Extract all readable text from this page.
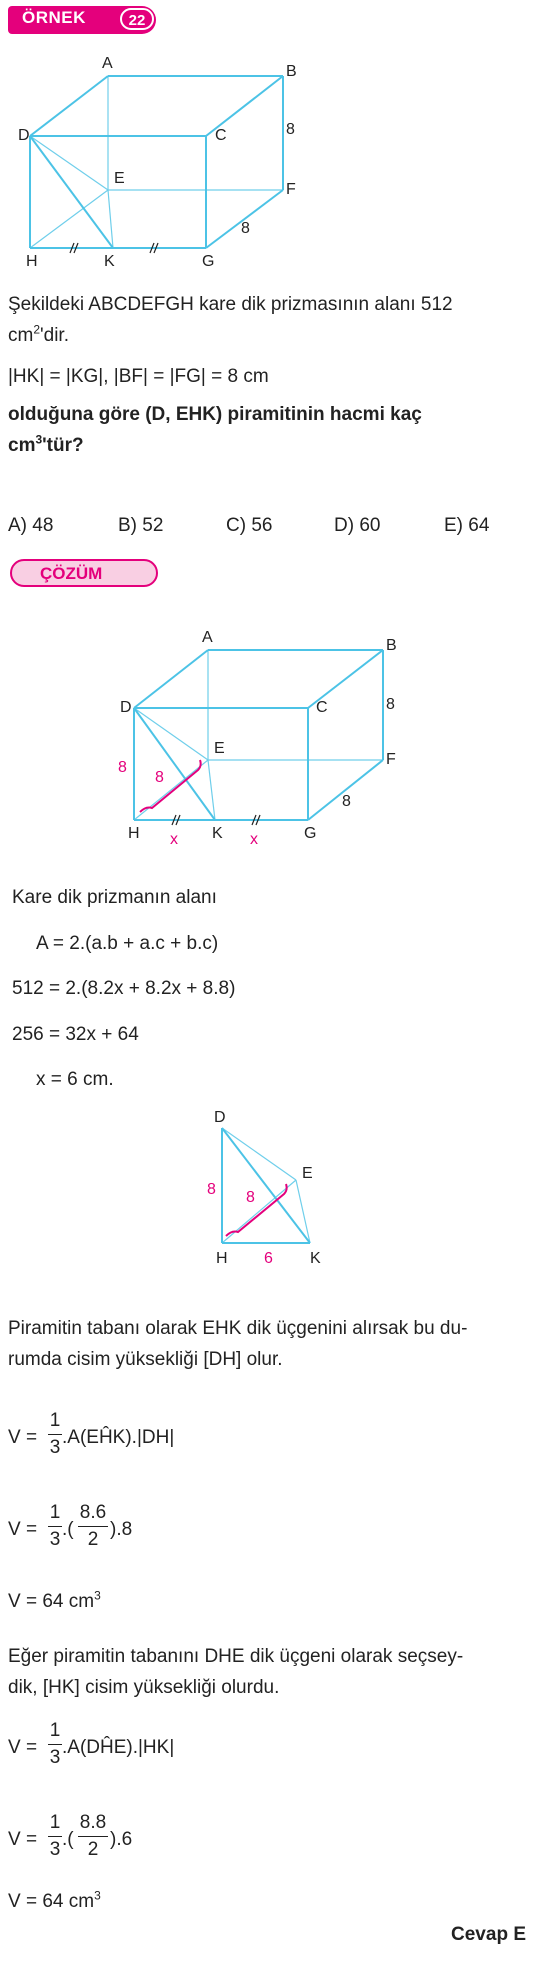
ÖRNEK	22
A	B
C
D
E
F
G
H	K
8
8
Şekildeki ABCDEFGH kare dik prizmasının alanı 512
$cm^2'dir$.
|HK| = |KG|, |BF| = |FG| = 8 cm
olduğuna göre (D, EHK) piramitinin hacmi kaç
$cm^3'tür$?
A) 48	B) 52	C) 56	D) 60	E) 64
ÇÖZÜM
A	B
C
D
E
F
G
H	K
8
8
8
8
x	x
Kare dik prizmanın alanı
A = 2.(a.b + a.c + b.c)
512 = 2.(8.2x + 8.2x + 8.8)
256 = 32x + 64
x = 6 cm.
D
E
H	K
8 8
6
Piramitin tabanı olarak EHK dik üçgenini alırsak bu du-
rumda cisim yüksekliği [DH] olur.
V =
1
3 .A(EĤK).|DH|
V =
1
3 .(
8.6
2 ).8
V = 64 $cm^3$
Eğer piramitin tabanını DHE dik üçgeni olarak seçsey-
dik, [HK] cisim yüksekliği olurdu.
V =
1
3 .A(DĤE).|HK|
V =
1
3 .(
8.8
2 ).6
V = 64 $cm^3$
Cevap E
